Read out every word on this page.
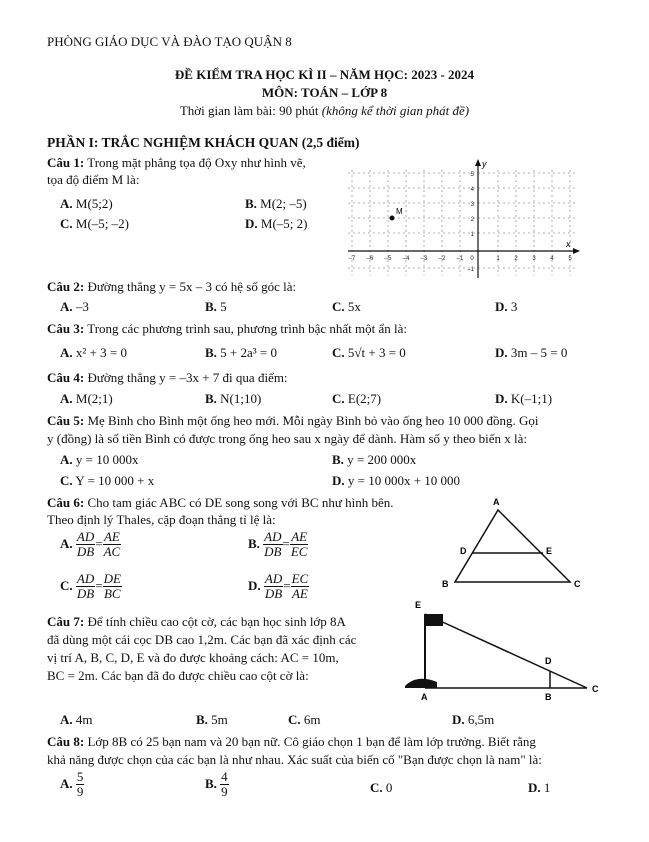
PHÒNG GIÁO DỤC VÀ ĐÀO TẠO QUẬN 8
ĐỀ KIỂM TRA HỌC KÌ II – NĂM HỌC: 2023 - 2024
MÔN: TOÁN – LỚP 8
Thời gian làm bài: 90 phút (không kể thời gian phát đề)
PHẦN I: TRẮC NGHIỆM KHÁCH QUAN (2,5 điểm)
Câu 1: Trong mặt phẳng tọa độ Oxy như hình vẽ,
tọa độ điểm M là:
A. M(5;2)	B. M(2; –5)
C. M(–5; –2)	D. M(–5; 2)
M
y
x
–7 –6 –5 –4 –3 –2 –1 0	1 2 3 4 5
5
4
3
2
1
–1
Câu 2: Đường thẳng y = 5x – 3 có hệ số góc là:
A. –3	B. 5	C. 5x	D. 3
Câu 3: Trong các phương trình sau, phương trình bậc nhất một ẩn là:
A. x² + 3 = 0	B. 5 + 2a³ = 0	C. 5√t + 3 = 0	D. 3m – 5 = 0
Câu 4: Đường thẳng y = –3x + 7 đi qua điểm:
A. M(2;1)	B. N(1;10)	C. E(2;7)	D. K(–1;1)
Câu 5: Mẹ Bình cho Bình một ống heo mới. Mỗi ngày Bình bỏ vào ống heo 10 000 đồng. Gọi
y (đồng) là số tiền Bình có được trong ống heo sau x ngày để dành. Hàm số y theo biến x là:
A. y = 10 000x	B. y = 200 000x
C. Y = 10 000 + x	D. y = 10 000x + 10 000
Câu 6: Cho tam giác ABC có DE song song với BC như hình bên.
Theo định lý Thales, cặp đoạn thẳng tỉ lệ là:
A.
$\frac{AD}{DB} = \frac{AE}{AC}$	B.
$\frac{AD}{DB} = \frac{AE}{EC}$
C.
$\frac{AD}{DB} = \frac{DE}{BC}$	D.
$\frac{AD}{DB} = \frac{EC}{AE}$
A
B	C
D	E
Câu 7: Để tính chiều cao cột cờ, các bạn học sinh lớp 8A
đã dùng một cái cọc DB cao 1,2m. Các bạn đã xác định các
vị trí A, B, C, D, E và đo được khoảng cách: AC = 10m,
BC = 2m. Các bạn đã đo được chiều cao cột cờ là:
A. 4m	B. 5m	C. 6m	D. 6,5m
E
A	B
C
D
Câu 8: Lớp 8B có 25 bạn nam và 20 bạn nữ. Cô giáo chọn 1 bạn để làm lớp trưởng. Biết rằng
khả năng được chọn của các bạn là như nhau. Xác suất của biến cố "Bạn được chọn là nam" là:
A.
$\frac{5}{9}$	B.
$\frac{4}{9}$	C. 0	D. 1
